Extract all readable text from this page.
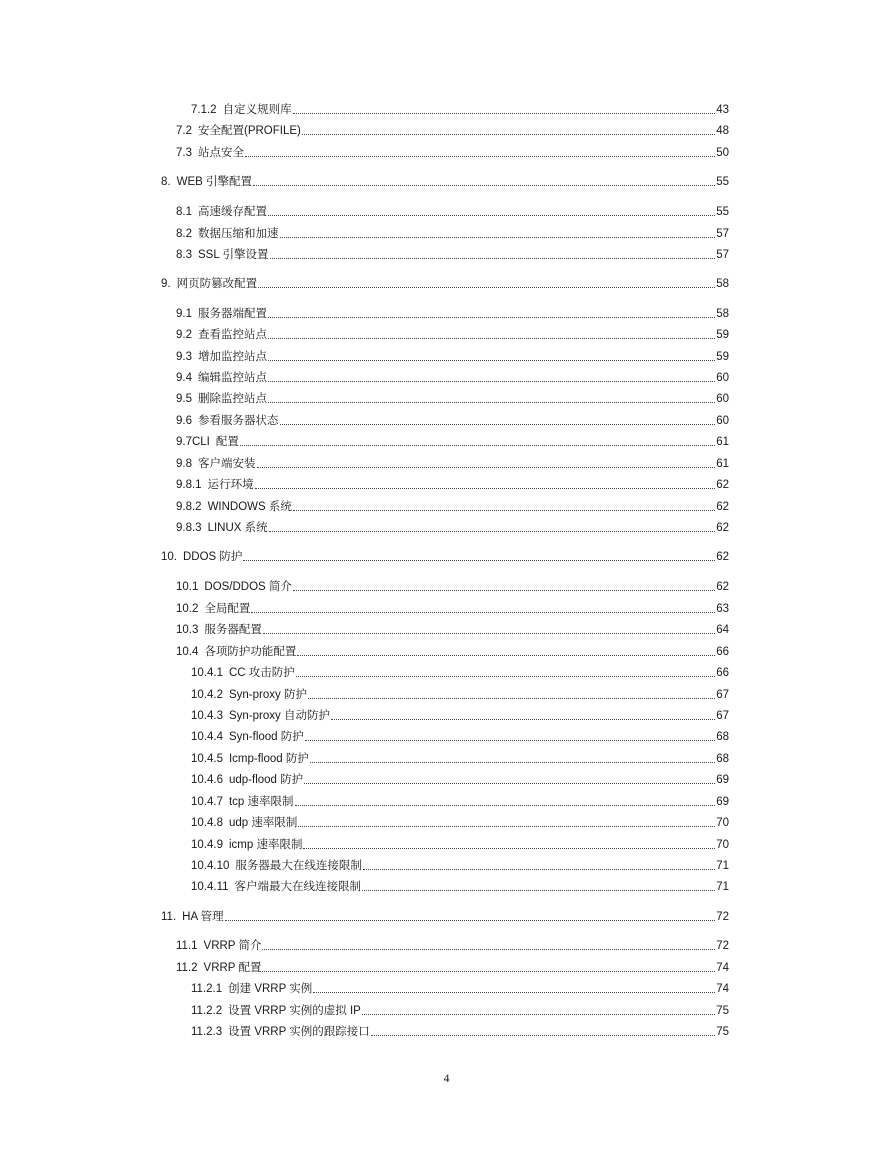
7.1.2 自定义规则库	43
7.2 安全配置(PROFILE)	48
7.3 站点安全	50
8. WEB 引擎配置	55
8.1 高速缓存配置	55
8.2 数据压缩和加速	57
8.3 SSL 引擎设置	57
9. 网页防篡改配置	58
9.1 服务器端配置	58
9.2 查看监控站点	59
9.3 增加监控站点	59
9.4 编辑监控站点	60
9.5 删除监控站点	60
9.6 参看服务器状态	60
9.7CLI 配置	61
9.8 客户端安装	61
9.8.1 运行环境	62
9.8.2 WINDOWS 系统	62
9.8.3 LINUX 系统	62
10. DDOS 防护	62
10.1 DOS/DDOS 简介	62
10.2 全局配置	63
10.3 服务器配置	64
10.4 各项防护功能配置	66
10.4.1 CC 攻击防护	66
10.4.2 Syn-proxy 防护	67
10.4.3 Syn-proxy 自动防护	67
10.4.4 Syn-flood 防护	68
10.4.5 Icmp-flood 防护	68
10.4.6 udp-flood 防护	69
10.4.7 tcp 速率限制	69
10.4.8 udp 速率限制	70
10.4.9 icmp 速率限制	70
10.4.10 服务器最大在线连接限制	71
10.4.11 客户端最大在线连接限制	71
11. HA 管理	72
11.1 VRRP 简介	72
11.2 VRRP 配置	74
11.2.1 创建 VRRP 实例	74
11.2.2 设置 VRRP 实例的虚拟 IP	75
11.2.3 设置 VRRP 实例的跟踪接口	75
4
